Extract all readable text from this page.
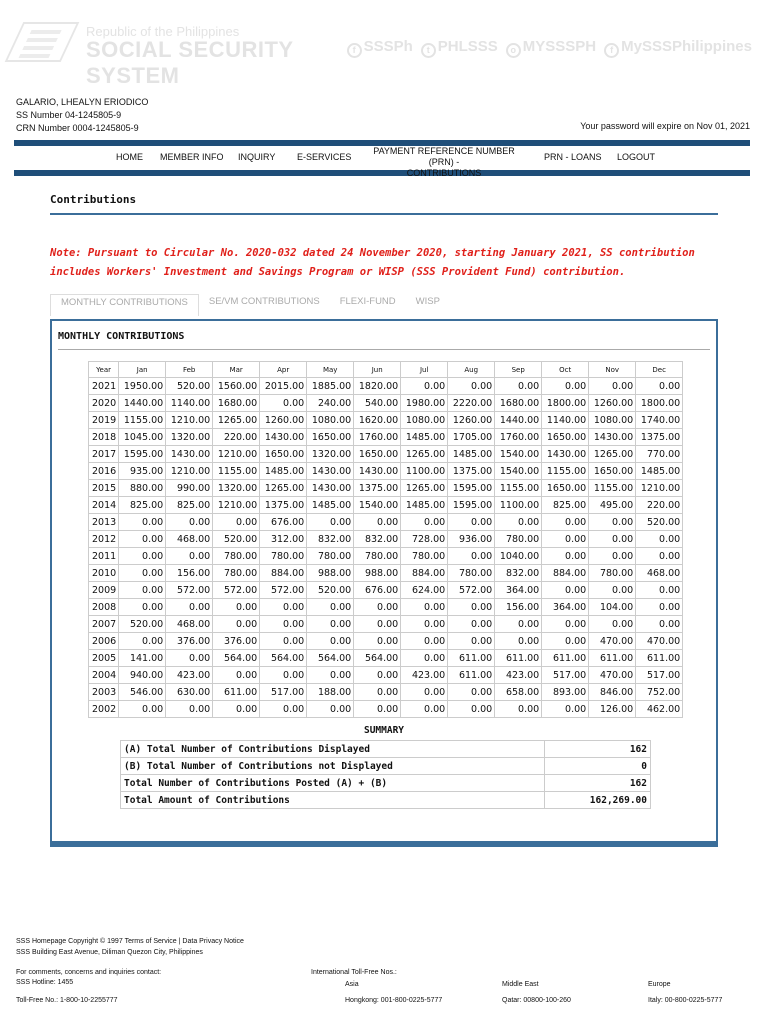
Republic of the Philippines
SOCIAL SECURITY SYSTEM
f SSSPh	t PHLSSS	o MYSSSPH	f MySSSPhilippines
GALARIO, LHEALYN ERIODICO
SS Number 04-1245805-9
CRN Number 0004-1245805-9	Your password will expire on Nov 01, 2021
HOME MEMBER INFO INQUIRY E-SERVICES
PAYMENT REFERENCE NUMBER (PRN) -
CONTRIBUTIONS
PRN - LOANS LOGOUT
Contributions
Note: Pursuant to Circular No. 2020-032 dated 24 November 2020, starting January 2021, SS contribution includes Workers' Investment and Savings Program or WISP (SSS Provident Fund) contribution.
MONTHLY CONTRIBUTIONS	SE/VM CONTRIBUTIONS	FLEXI-FUND	WISP
MONTHLY CONTRIBUTIONS
Year	Jan	Feb	Mar	Apr	May	Jun	Jul	Aug	Sep	Oct	Nov	Dec
2021	1950.00	520.00	1560.00	2015.00	1885.00	1820.00	0.00	0.00	0.00	0.00	0.00	0.00
2020	1440.00	1140.00	1680.00	0.00	240.00	540.00	1980.00	2220.00	1680.00	1800.00	1260.00	1800.00
2019	1155.00	1210.00	1265.00	1260.00	1080.00	1620.00	1080.00	1260.00	1440.00	1140.00	1080.00	1740.00
2018	1045.00	1320.00	220.00	1430.00	1650.00	1760.00	1485.00	1705.00	1760.00	1650.00	1430.00	1375.00
2017	1595.00	1430.00	1210.00	1650.00	1320.00	1650.00	1265.00	1485.00	1540.00	1430.00	1265.00	770.00
2016	935.00	1210.00	1155.00	1485.00	1430.00	1430.00	1100.00	1375.00	1540.00	1155.00	1650.00	1485.00
2015	880.00	990.00	1320.00	1265.00	1430.00	1375.00	1265.00	1595.00	1155.00	1650.00	1155.00	1210.00
2014	825.00	825.00	1210.00	1375.00	1485.00	1540.00	1485.00	1595.00	1100.00	825.00	495.00	220.00
2013	0.00	0.00	0.00	676.00	0.00	0.00	0.00	0.00	0.00	0.00	0.00	520.00
2012	0.00	468.00	520.00	312.00	832.00	832.00	728.00	936.00	780.00	0.00	0.00	0.00
2011	0.00	0.00	780.00	780.00	780.00	780.00	780.00	0.00	1040.00	0.00	0.00	0.00
2010	0.00	156.00	780.00	884.00	988.00	988.00	884.00	780.00	832.00	884.00	780.00	468.00
2009	0.00	572.00	572.00	572.00	520.00	676.00	624.00	572.00	364.00	0.00	0.00	0.00
2008	0.00	0.00	0.00	0.00	0.00	0.00	0.00	0.00	156.00	364.00	104.00	0.00
2007	520.00	468.00	0.00	0.00	0.00	0.00	0.00	0.00	0.00	0.00	0.00	0.00
2006	0.00	376.00	376.00	0.00	0.00	0.00	0.00	0.00	0.00	0.00	470.00	470.00
2005	141.00	0.00	564.00	564.00	564.00	564.00	0.00	611.00	611.00	611.00	611.00	611.00
2004	940.00	423.00	0.00	0.00	0.00	0.00	423.00	611.00	423.00	517.00	470.00	517.00
2003	546.00	630.00	611.00	517.00	188.00	0.00	0.00	0.00	658.00	893.00	846.00	752.00
2002	0.00	0.00	0.00	0.00	0.00	0.00	0.00	0.00	0.00	0.00	126.00	462.00
SUMMARY
(A) Total Number of Contributions Displayed	162
(B) Total Number of Contributions not Displayed	0
Total Number of Contributions Posted (A) + (B)	162
Total Amount of Contributions	162,269.00
SSS Homepage Copyright © 1997 Terms of Service | Data Privacy Notice
SSS Building East Avenue, Diliman Quezon City, Philippines
For comments, concerns and inquiries contact:
SSS Hotline: 1455
Toll-Free No.: 1-800-10-2255777
International Toll-Free Nos.:
Asia
Hongkong: 001-800-0225-5777
Middle East
Qatar: 00800-100-260
Europe
Italy: 00-800-0225-5777
